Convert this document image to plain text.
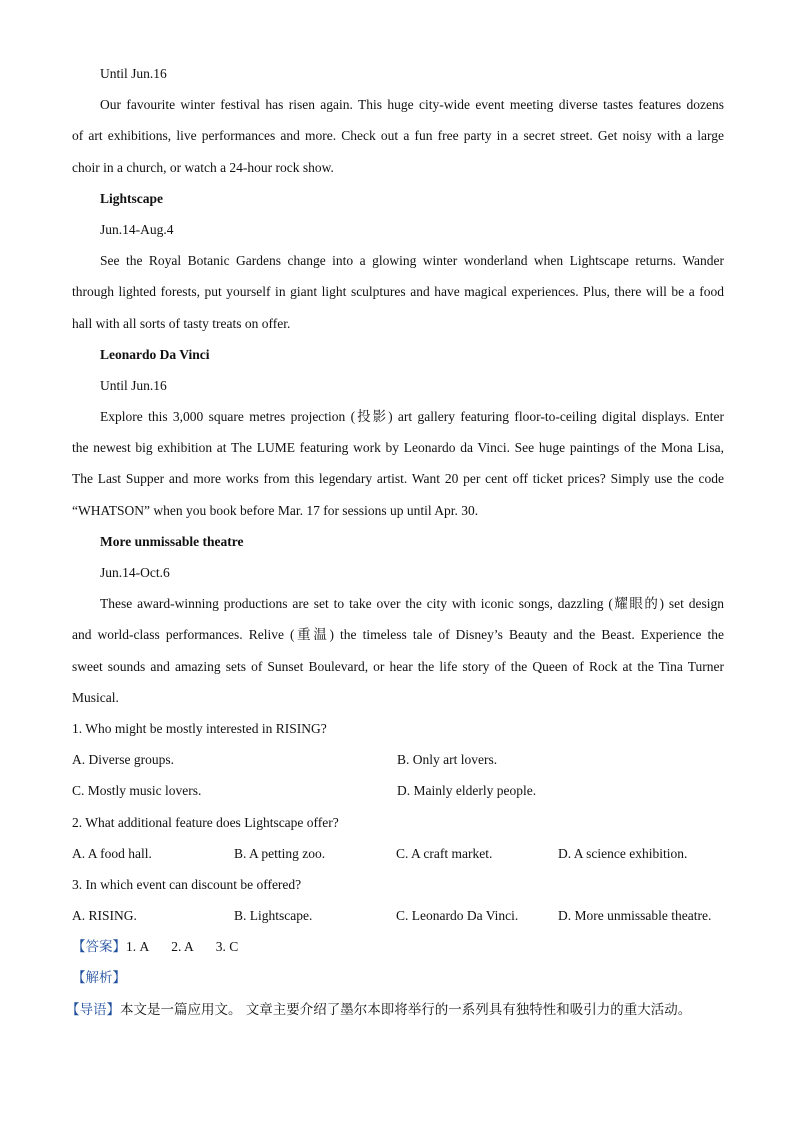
Until Jun.16
Our favourite winter festival has risen again. This huge city-wide event meeting diverse tastes features dozens
of art exhibitions, live performances and more. Check out a fun free party in a secret street. Get noisy with a large
choir in a church, or watch a 24-hour rock show.
Lightscape
Jun.14-Aug.4
See the Royal Botanic Gardens change into a glowing winter wonderland when Lightscape returns. Wander
through lighted forests, put yourself in giant light sculptures and have magical experiences. Plus, there will be a food
hall with all sorts of tasty treats on offer.
Leonardo Da Vinci
Until Jun.16
Explore this 3,000 square metres projection (投影) art gallery featuring floor-to-ceiling digital displays. Enter
the newest big exhibition at The LUME featuring work by Leonardo da Vinci. See huge paintings of the Mona Lisa,
The Last Supper and more works from this legendary artist. Want 20 per cent off ticket prices? Simply use the code
“WHATSON” when you book before Mar. 17 for sessions up until Apr. 30.
More unmissable theatre
Jun.14-Oct.6
These award-winning productions are set to take over the city with iconic songs, dazzling (耀眼的) set design
and world-class performances. Relive (重温) the timeless tale of Disney’s Beauty and the Beast. Experience the
sweet sounds and amazing sets of Sunset Boulevard, or hear the life story of the Queen of Rock at the Tina Turner
Musical.
1. Who might be mostly interested in RISING?
A. Diverse groups.	B. Only art lovers.
C. Mostly music lovers.	D. Mainly elderly people.
2. What additional feature does Lightscape offer?
A. A food hall.	B. A petting zoo.	C. A craft market.	D. A science exhibition.
3. In which event can discount be offered?
A. RISING.	B. Lightscape.	C. Leonardo Da Vinci.	D. More unmissable theatre.
【答案】1. A 2. A 3. C
【解析】
【导语】本文是一篇应用文。 文章主要介绍了墨尔本即将举行的一系列具有独特性和吸引力的重大活动。
